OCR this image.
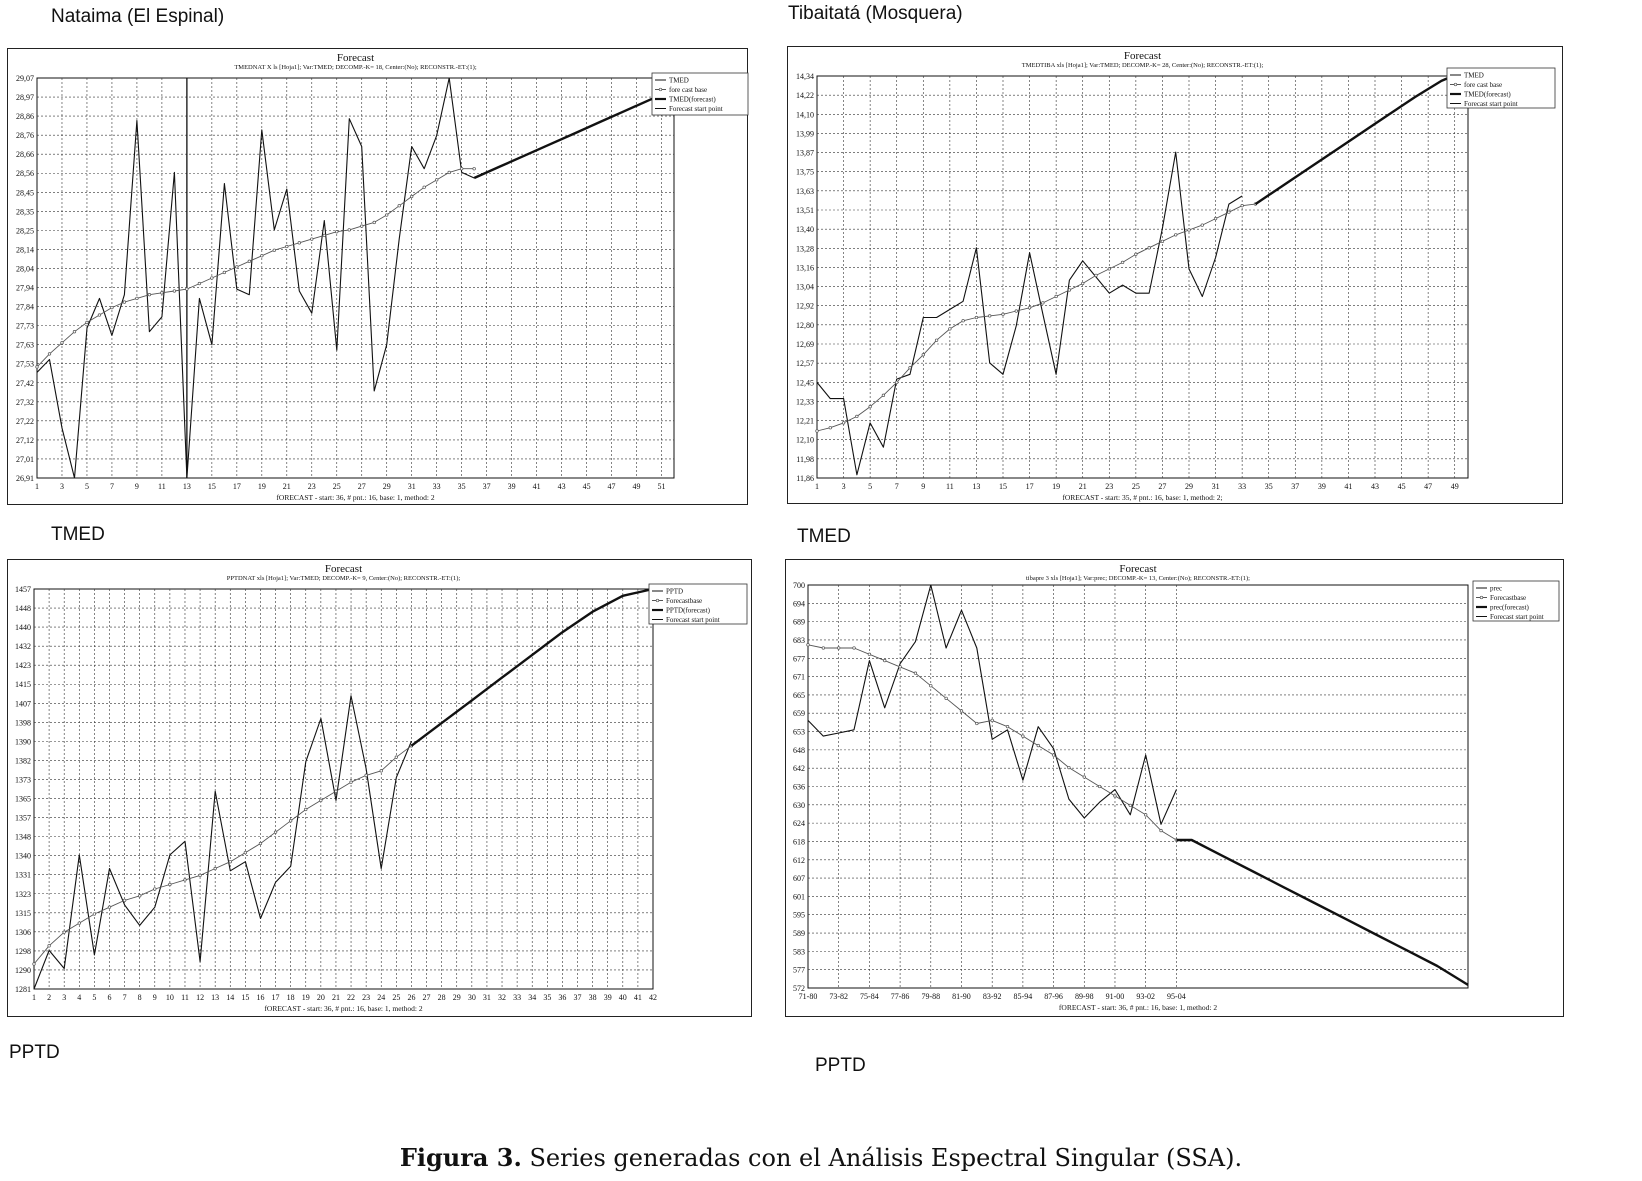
Nataima (El Espinal)	Tibaitatá (Mosquera)
TMED	TMED
PPTD
PPTD
Forecast
TMEDNAT X ls [Hoja1]; Var:TMED; DECOMP.-K= 18, Center:(No); RECONSTR.-ET:(1);
fORECAST - start: 36, # pnt.: 16, base: 1, method: 2
26,91
27,01
27,12
27,22
27,32
27,42
27,53
27,63
27,73
27,84
27,94
28,04
28,14
28,25
28,35
28,45
28,56
28,66
28,76
28,86
28,97
29,07
1	3	5	7	9 11 13 15 17 19 21 23 25 27 29 31 33 35 37 39 41 43 45 47 49 51
TMED
fore cast base
TMED(forecast)
Forecast start point
Forecast
TMEDTIBA xls [Hoja1]; Var:TMED; DECOMP.-K= 28, Center:(No); RECONSTR.-ET:(1);
fORECAST - start: 35, # pnt.: 16, base: 1, method: 2;
11,86
11,98
12,10
12,21
12,33
12,45
12,57
12,69
12,80
12,92
13,04
13,16
13,28
13,40
13,51
13,63
13,75
13,87
13,99
14,10
14,22
14,34
1	3	5	7	9	11 13 15 17 19 21 23 25 27 29 31 33 35 37 39 41 43 45 47 49
TMED
fore cast base
TMED(forecast)
Forecast start point
Forecast
PPTDNAT xls [Hoja1]; Var:TMED; DECOMP.-K= 9, Center:(No); RECONSTR.-ET:(1);
fORECAST - start: 36, # pnt.: 16, base: 1, method: 2
1281
1290
1298
1306
1315
1323
1331
1340
1348
1357
1365
1373
1382
1390
1398
1407
1415
1423
1432
1440
1448
1457
1 2 3 4 5 6 7 8 9 10 11 12 13 14 15 16 17 18 19 20 21 22 23 24 25 26 27 28 29 30 31 32 33 34 35 36 37 38 39 40 41 42
PPTD
Forecastbase
PPTD(forecast)
Forecast start point
Forecast
tibapre 3 xls [Hoja1]; Var:prec; DECOMP.-K= 13, Center:(No); RECONSTR.-ET:(1);
fORECAST - start: 36, # pnt.: 16, base: 1, method: 2
572
577
583
589
595
601
607
612
618
624
630
636
642
648
653
659
665
671
677
683
689
694
700
71-80 73-82 75-84 77-86 79-88 81-90 83-92 85-94 87-96 89-98 91-00 93-02 95-04
prec
Forecastbase
prec(forecast)
Forecast start point
Figura 3. Series generadas con el Análisis Espectral Singular (SSA).
